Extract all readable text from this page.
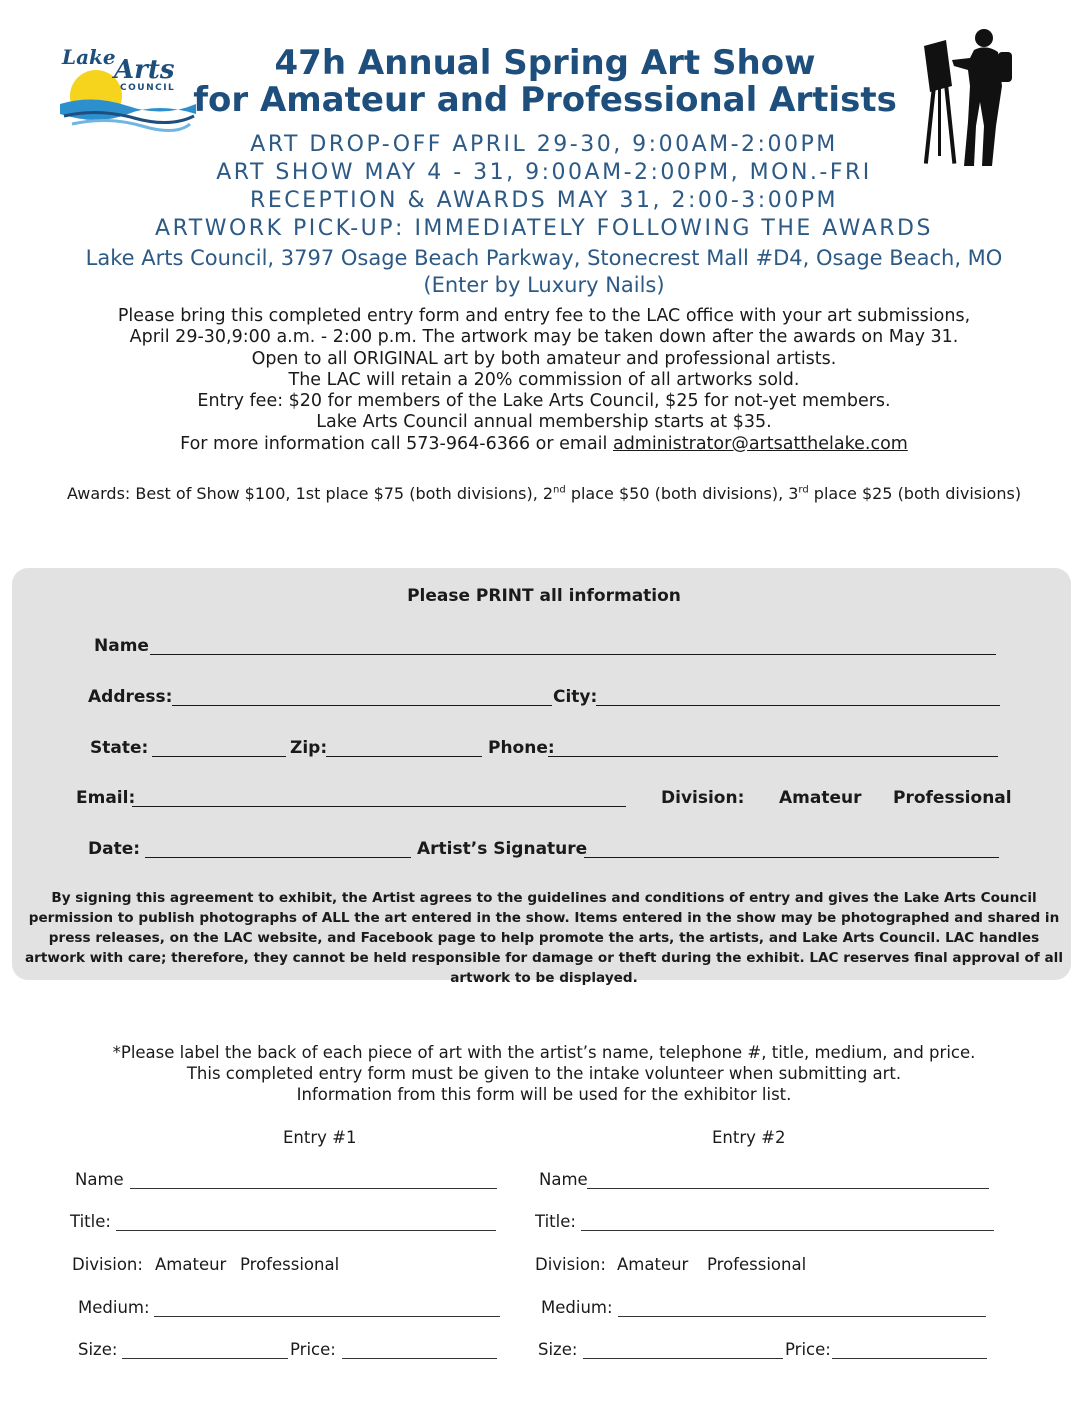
Lake
Arts
COUNCIL
47h Annual Spring Art Show
for Amateur and Professional Artists
ART DROP-OFF APRIL 29-30, 9:00AM-2:00PM
ART SHOW MAY 4 - 31, 9:00AM-2:00PM, MON.-FRI
RECEPTION & AWARDS MAY 31, 2:00-3:00PM
ARTWORK PICK-UP: IMMEDIATELY FOLLOWING THE AWARDS
Lake Arts Council, 3797 Osage Beach Parkway, Stonecrest Mall #D4, Osage Beach, MO
(Enter by Luxury Nails)
Please bring this completed entry form and entry fee to the LAC office with your art submissions,
April 29-30,9:00 a.m. - 2:00 p.m. The artwork may be taken down after the awards on May 31.
Open to all ORIGINAL art by both amateur and professional artists.
The LAC will retain a 20% commission of all artworks sold.
Entry fee: $20 for members of the Lake Arts Council, $25 for not-yet members.
Lake Arts Council annual membership starts at $35.
For more information call 573-964-6366 or email administrator@artsatthelake.com
Awards: Best of Show $100, 1st place $75 (both divisions), 2nd place $50 (both divisions), 3rd place $25 (both divisions)
Please PRINT all information
Name
Address:	City:
State:	Zip:	Phone:
Email:	Division: Amateur Professional
Date:	Artist’s Signature
By signing this agreement to exhibit, the Artist agrees to the guidelines and conditions of entry and gives the Lake Arts Council permission to publish photographs of ALL the art entered in the show. Items entered in the show may be photographed and shared in press releases, on the LAC website, and Facebook page to help promote the arts, the artists, and Lake Arts Council. LAC handles artwork with care; therefore, they cannot be held responsible for damage or theft during the exhibit. LAC reserves final approval of all artwork to be displayed.
*Please label the back of each piece of art with the artist’s name, telephone #, title, medium, and price.
This completed entry form must be given to the intake volunteer when submitting art.
Information from this form will be used for the exhibitor list.
Entry #1
Name
Title:
Division: Amateur Professional
Medium:
Size:	Price:
Entry #2
Name
Title:
Division: Amateur Professional
Medium:
Size:	Price:
